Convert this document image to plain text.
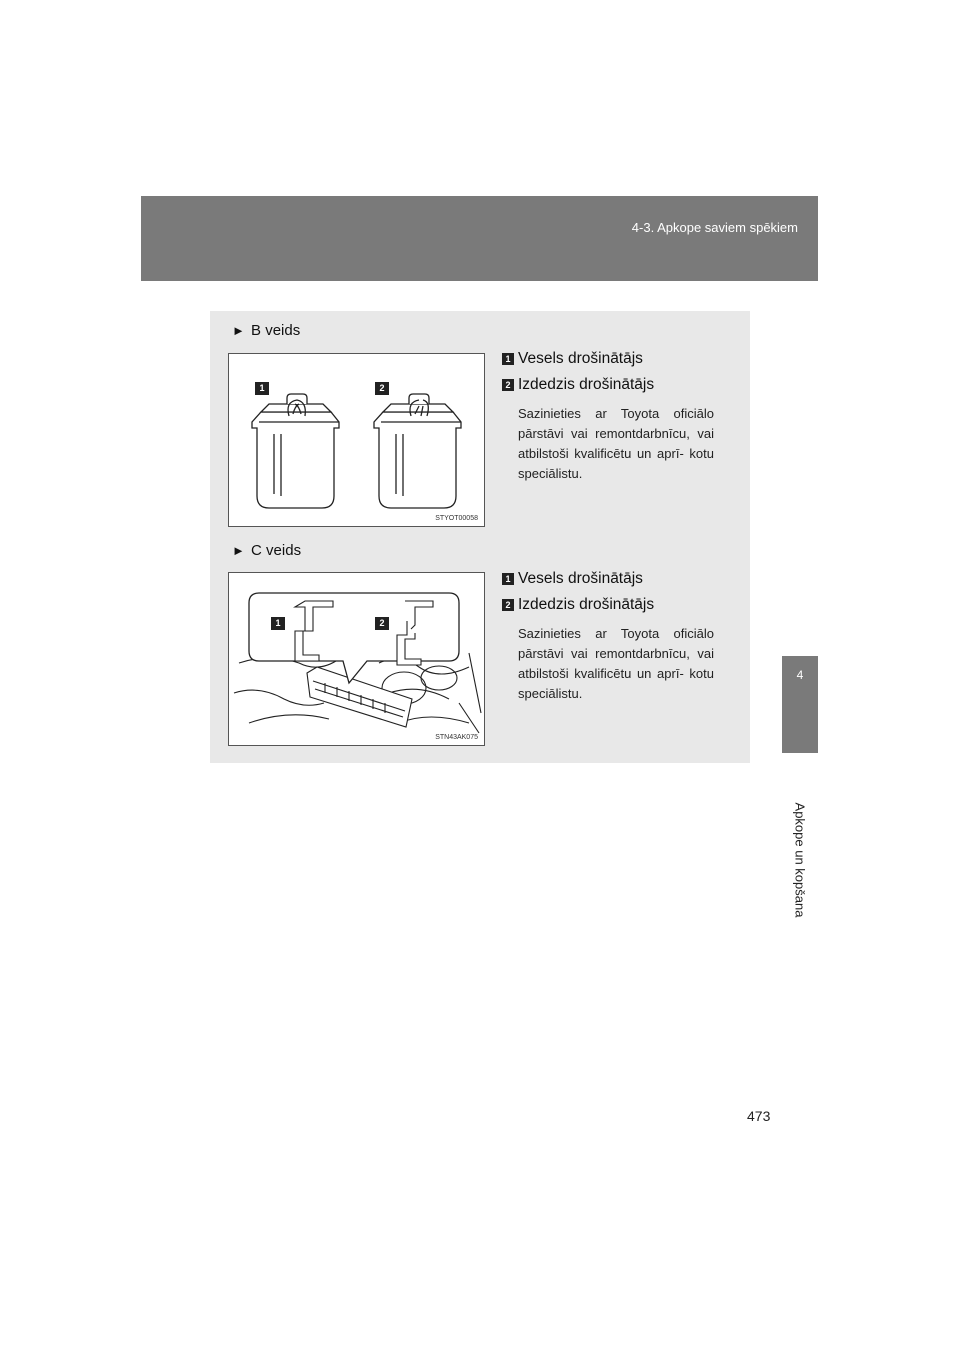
4-3. Apkope saviem spēkiem
4
Apkope un kopšana
► B veids
1	2
STYOT00058
1 Vesels drošinātājs
2 Izdedzis drošinātājs
Sazinieties ar Toyota oficiālo pārstāvi vai remontdarbnīcu, vai atbilstoši kvalificētu un aprī- kotu speciālistu.
► C veids
1	2
STN43AK075
1 Vesels drošinātājs
2 Izdedzis drošinātājs
Sazinieties ar Toyota oficiālo pārstāvi vai remontdarbnīcu, vai atbilstoši kvalificētu un aprī- kotu speciālistu.
473
